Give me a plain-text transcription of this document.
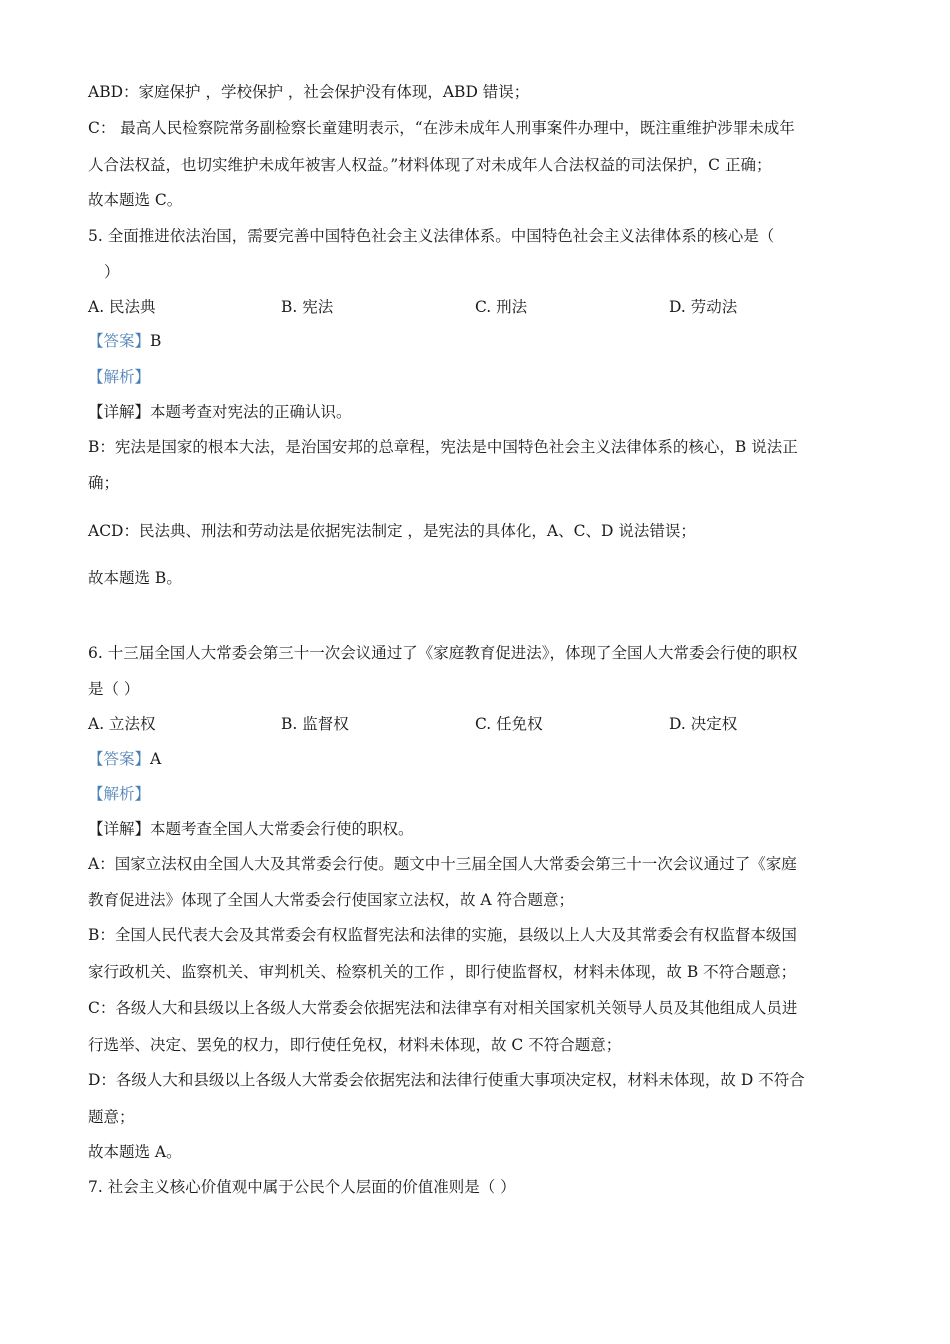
ABD：家庭保护 ，学校保护 ，社会保护没有体现，ABD 错误；
C： 最高人民检察院常务副检察长童建明表示，“在涉未成年人刑事案件办理中，既注重维护涉罪未成年
人合法权益，也切实维护未成年被害人权益。”材料体现了对未成年人合法权益的司法保护，C 正确；
故本题选 C。
5. 全面推进依法治国，需要完善中国特色社会主义法律体系。中国特色社会主义法律体系的核心是（
）
A. 民法典	B. 宪法	C. 刑法	D. 劳动法
【答案】B
【解析】
【详解】本题考查对宪法的正确认识。
B：宪法是国家的根本大法，是治国安邦的总章程，宪法是中国特色社会主义法律体系的核心，B 说法正
确；
ACD：民法典、刑法和劳动法是依据宪法制定 ，是宪法的具体化，A、C、D 说法错误；
故本题选 B。
6. 十三届全国人大常委会第三十一次会议通过了《家庭教育促进法》，体现了全国人大常委会行使的职权
是（ ）
A. 立法权	B. 监督权	C. 任免权	D. 决定权
【答案】A
【解析】
【详解】本题考查全国人大常委会行使的职权。
A：国家立法权由全国人大及其常委会行使。题文中十三届全国人大常委会第三十一次会议通过了《家庭
教育促进法》体现了全国人大常委会行使国家立法权，故 A 符合题意；
B：全国人民代表大会及其常委会有权监督宪法和法律的实施，县级以上人大及其常委会有权监督本级国
家行政机关、监察机关、审判机关、检察机关的工作 ，即行使监督权，材料未体现，故 B 不符合题意；
C：各级人大和县级以上各级人大常委会依据宪法和法律享有对相关国家机关领导人员及其他组成人员进
行选举、决定、罢免的权力，即行使任免权，材料未体现，故 C 不符合题意；
D：各级人大和县级以上各级人大常委会依据宪法和法律行使重大事项决定权，材料未体现，故 D 不符合
题意；
故本题选 A。
7. 社会主义核心价值观中属于公民个人层面的价值准则是（ ）
